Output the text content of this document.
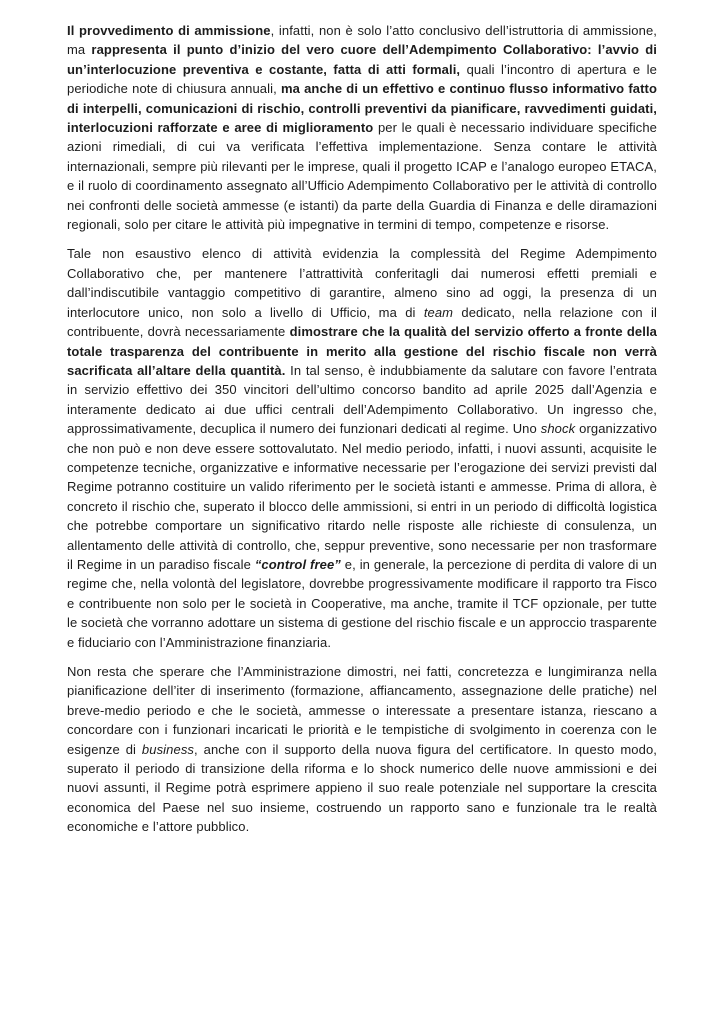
Il provvedimento di ammissione, infatti, non è solo l’atto conclusivo dell’istruttoria di ammissione, ma rappresenta il punto d’inizio del vero cuore dell’Adempimento Collaborativo: l’avvio di un’interlocuzione preventiva e costante, fatta di atti formali, quali l’incontro di apertura e le periodiche note di chiusura annuali, ma anche di un effettivo e continuo flusso informativo fatto di interpelli, comunicazioni di rischio, controlli preventivi da pianificare, ravvedimenti guidati, interlocuzioni rafforzate e aree di miglioramento per le quali è necessario individuare specifiche azioni rimediali, di cui va verificata l’effettiva implementazione. Senza contare le attività internazionali, sempre più rilevanti per le imprese, quali il progetto ICAP e l’analogo europeo ETACA, e il ruolo di coordinamento assegnato all’Ufficio Adempimento Collaborativo per le attività di controllo nei confronti delle società ammesse (e istanti) da parte della Guardia di Finanza e delle diramazioni regionali, solo per citare le attività più impegnative in termini di tempo, competenze e risorse.

Tale non esaustivo elenco di attività evidenzia la complessità del Regime Adempimento Collaborativo che, per mantenere l’attrattività conferitagli dai numerosi effetti premiali e dall’indiscutibile vantaggio competitivo di garantire, almeno sino ad oggi, la presenza di un interlocutore unico, non solo a livello di Ufficio, ma di team dedicato, nella relazione con il contribuente, dovrà necessariamente dimostrare che la qualità del servizio offerto a fronte della totale trasparenza del contribuente in merito alla gestione del rischio fiscale non verrà sacrificata all’altare della quantità. In tal senso, è indubbiamente da salutare con favore l’entrata in servizio effettivo dei 350 vincitori dell’ultimo concorso bandito ad aprile 2025 dall’Agenzia e interamente dedicato ai due uffici centrali dell’Adempimento Collaborativo. Un ingresso che, approssimativamente, decuplica il numero dei funzionari dedicati al regime. Uno shock organizzativo che non può e non deve essere sottovalutato. Nel medio periodo, infatti, i nuovi assunti, acquisite le competenze tecniche, organizzative e informative necessarie per l’erogazione dei servizi previsti dal Regime potranno costituire un valido riferimento per le società istanti e ammesse. Prima di allora, è concreto il rischio che, superato il blocco delle ammissioni, si entri in un periodo di difficoltà logistica che potrebbe comportare un significativo ritardo nelle risposte alle richieste di consulenza, un allentamento delle attività di controllo, che, seppur preventive, sono necessarie per non trasformare il Regime in un paradiso fiscale “control free” e, in generale, la percezione di perdita di valore di un regime che, nella volontà del legislatore, dovrebbe progressivamente modificare il rapporto tra Fisco e contribuente non solo per le società in Cooperative, ma anche, tramite il TCF opzionale, per tutte le società che vorranno adottare un sistema di gestione del rischio fiscale e un approccio trasparente e fiduciario con l’Amministrazione finanziaria.

Non resta che sperare che l’Amministrazione dimostri, nei fatti, concretezza e lungimiranza nella pianificazione dell’iter di inserimento (formazione, affiancamento, assegnazione delle pratiche) nel breve-medio periodo e che le società, ammesse o interessate a presentare istanza, riescano a concordare con i funzionari incaricati le priorità e le tempistiche di svolgimento in coerenza con le esigenze di business, anche con il supporto della nuova figura del certificatore. In questo modo, superato il periodo di transizione della riforma e lo shock numerico delle nuove ammissioni e dei nuovi assunti, il Regime potrà esprimere appieno il suo reale potenziale nel supportare la crescita economica del Paese nel suo insieme, costruendo un rapporto sano e funzionale tra le realtà economiche e l’attore pubblico.
